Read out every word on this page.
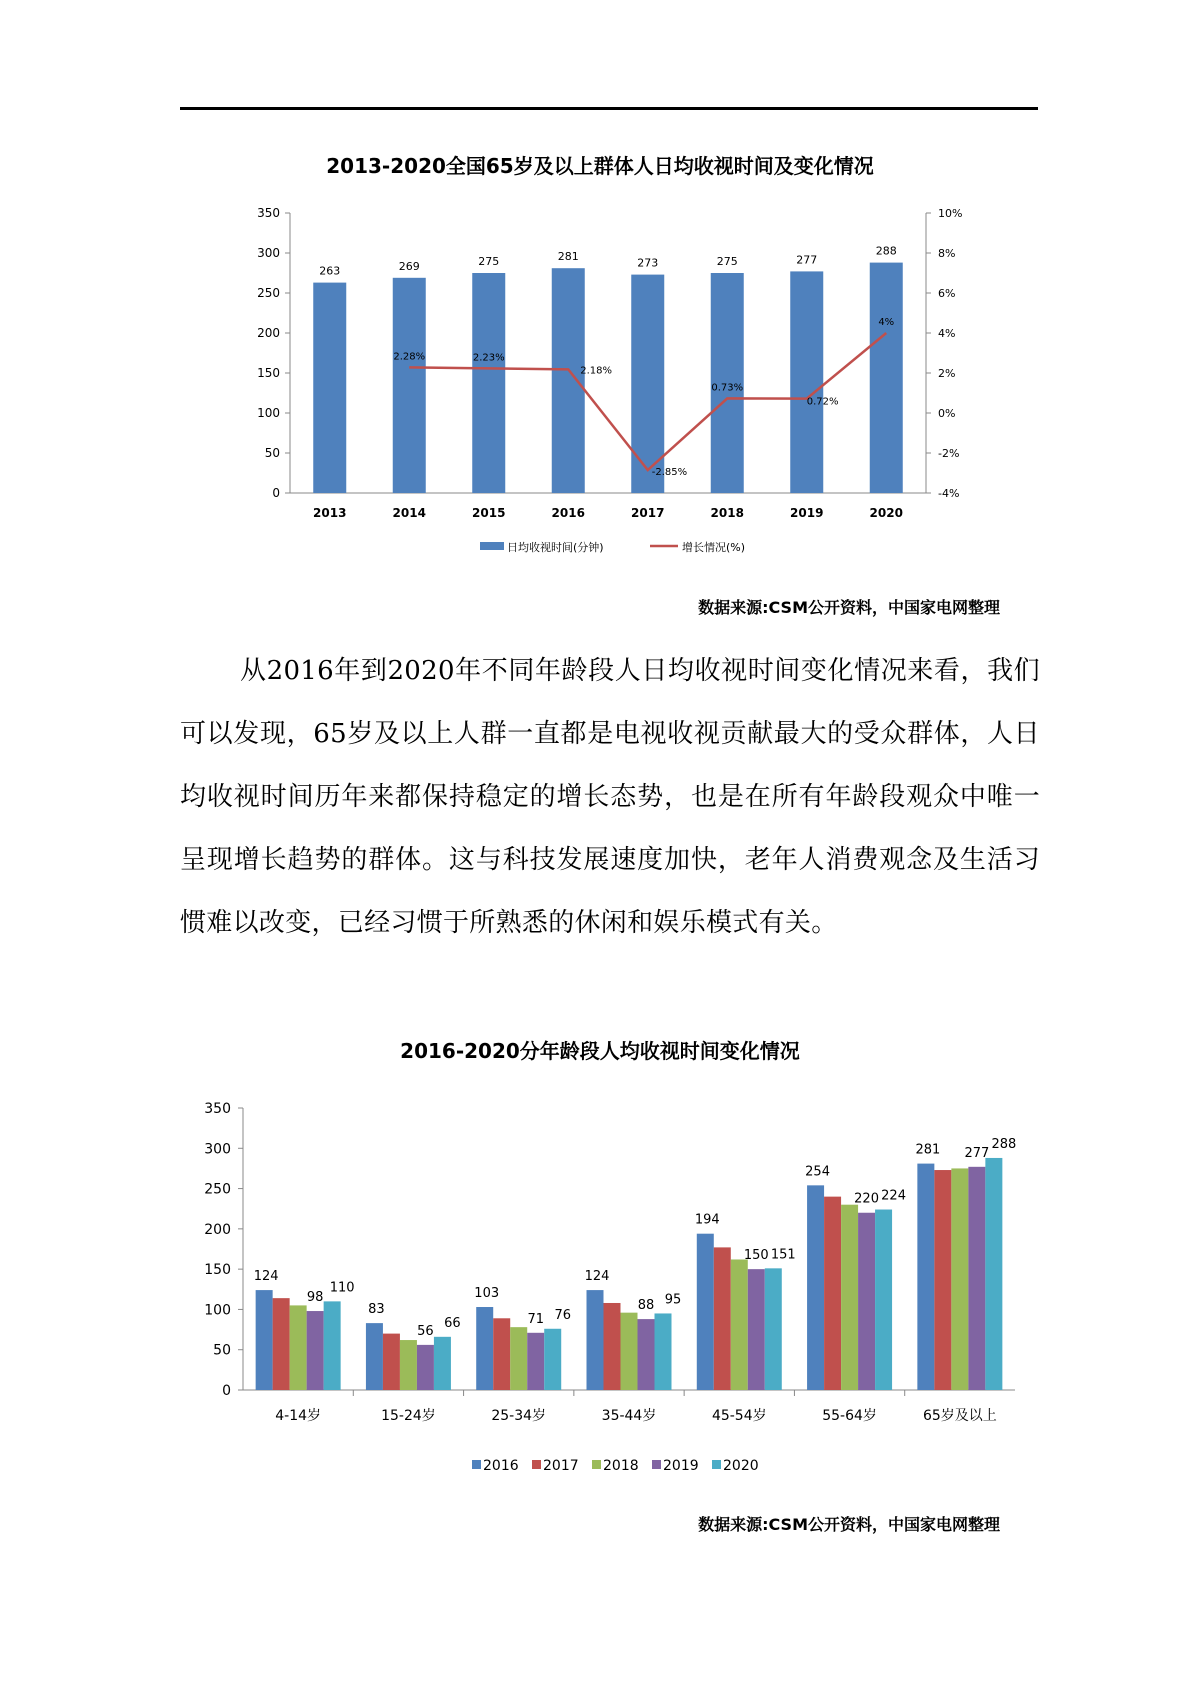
2013-2020全国65岁及以上群体人日均收视时间及变化情况
0
50
100
150
200
250
300
350
-4%
-2%
0%
2%
4%
6%
8%
10%
263
2013
269
2014
275
2015
281
2016
273
2017
275
2018
277
2019
288
2020
2.28%	2.23%
2.18%
-2.85%
0.73%
0.72%
4%
日均收视时间(分钟)	增长情况(%)
数据来源:CSM公开资料，中国家电网整理

从2016年到2020年不同年龄段人日均收视时间变化情况来看，我们可以发现，65岁及以上人群一直都是电视收视贡献最大的受众群体，人日均收视时间历年来都保持稳定的增长态势，也是在所有年龄段观众中唯一呈现增长趋势的群体。这与科技发展速度加快，老年人消费观念及生活习惯难以改变，已经习惯于所熟悉的休闲和娱乐模式有关。

2016-2020分年龄段人均收视时间变化情况
0
50
100
150
200
250
300
350
4-14岁	15-24岁	25-34岁	35-44岁	45-54岁	55-64岁	65岁及以上
124
98
110
83
56
66
103
71 76
124
88 95
194
150 151
254
220 224
281 277
288
2016 2017 2018 2019 2020
数据来源:CSM公开资料，中国家电网整理
